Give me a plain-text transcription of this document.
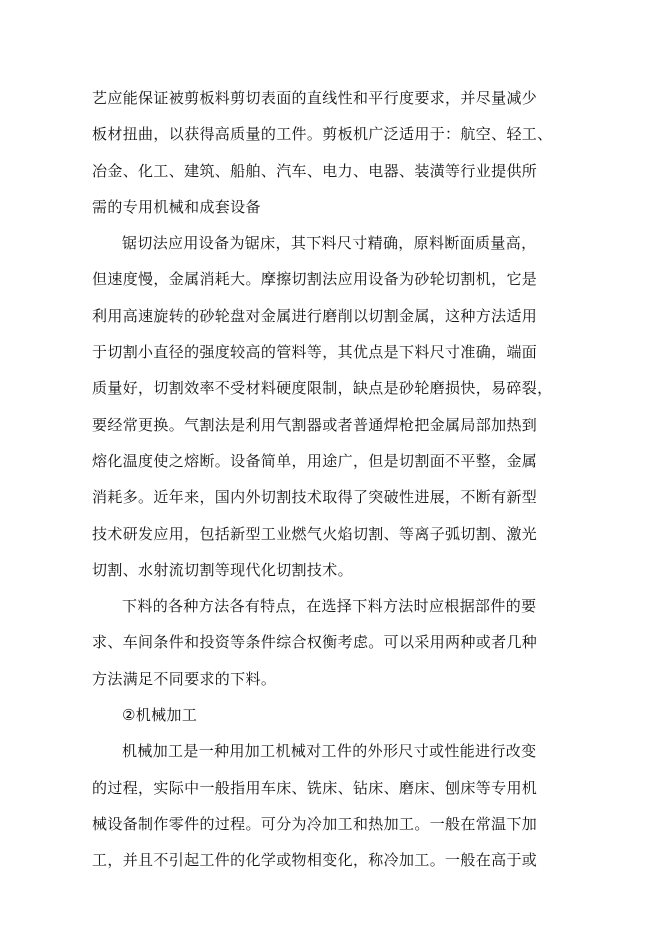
艺应能保证被剪板料剪切表面的直线性和平行度要求，并尽量减少
板材扭曲，以获得高质量的工件。剪板机广泛适用于：航空、轻工、
冶金、化工、建筑、船舶、汽车、电力、电器、装潢等行业提供所
需的专用机械和成套设备
锯切法应用设备为锯床，其下料尺寸精确，原料断面质量高，
但速度慢，金属消耗大。摩擦切割法应用设备为砂轮切割机，它是
利用高速旋转的砂轮盘对金属进行磨削以切割金属，这种方法适用
于切割小直径的强度较高的管料等，其优点是下料尺寸准确，端面
质量好，切割效率不受材料硬度限制，缺点是砂轮磨损快，易碎裂，
要经常更换。气割法是利用气割器或者普通焊枪把金属局部加热到
熔化温度使之熔断。设备简单，用途广，但是切割面不平整，金属
消耗多。近年来，国内外切割技术取得了突破性进展，不断有新型
技术研发应用，包括新型工业燃气火焰切割、等离子弧切割、激光
切割、水射流切割等现代化切割技术。
下料的各种方法各有特点，在选择下料方法时应根据部件的要
求、车间条件和投资等条件综合权衡考虑。可以采用两种或者几种
方法满足不同要求的下料。
②机械加工
机械加工是一种用加工机械对工件的外形尺寸或性能进行改变
的过程，实际中一般指用车床、铣床、钻床、磨床、刨床等专用机
械设备制作零件的过程。可分为冷加工和热加工。一般在常温下加
工，并且不引起工件的化学或物相变化，称冷加工。一般在高于或
